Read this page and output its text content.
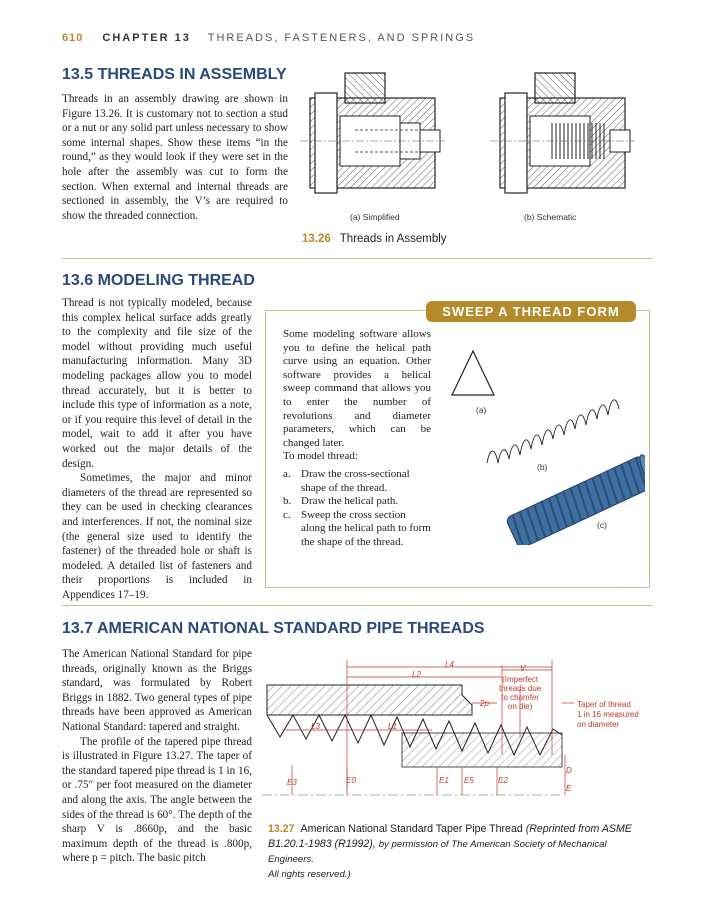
610 CHAPTER 13 THREADS, FASTENERS, AND SPRINGS
13.5 THREADS IN ASSEMBLY

Threads in an assembly drawing are shown in Figure 13.26. It is customary not to section a stud or a nut or any solid part unless necessary to show some internal shapes. Show these items “in the round,” as they would look if they were set in the hole after the assembly was cut to form the section. When external and internal threads are sectioned in assembly, the V’s are required to show the threaded connection.	(a) Simplified	(b) Schematic
13.26 Threads in Assembly
13.6 MODELING THREAD

Thread is not typically modeled, because this complex helical surface adds greatly to the complexity and file size of the model without providing much useful manufacturing information. Many 3D modeling packages allow you to model thread accurately, but it is better to include this type of information as a note, or if you require this level of detail in the model, wait to add it after you have worked out the major details of the design.

Sometimes, the major and minor diameters of the thread are represented so they can be used in checking clearances and interferences. If not, the nominal size (the general size used to identify the fastener) of the threaded hole or shaft is modeled. A detailed list of fasteners and their proportions is included in Appendices 17–19.

SWEEP A THREAD FORM
Some modeling software allows you to define the helical path curve using an equation. Other software provides a helical sweep command that allows you to enter the number of revolutions and diameter parameters, which can be changed later.
To model thread:
a. Draw the cross-sectional shape of the thread.
b. Draw the helical path.
c. Sweep the cross section along the helical path to form the shape of the thread.
(a)
(b)
(c)
13.7 AMERICAN NATIONAL STANDARD PIPE THREADS

The American National Standard for pipe threads, originally known as the Briggs standard, was formulated by Robert Briggs in 1882. Two general types of pipe threads have been approved as American National Standard: tapered and straight.

The profile of the tapered pipe thread is illustrated in Figure 13.27. The taper of the standard tapered pipe thread is 1 in 16, or .75″ per foot measured on the diameter and along the axis. The angle between the sides of the thread is 60°. The depth of the sharp V is .8660p, and the basic maximum depth of the thread is .800p, where p = pitch. The basic pitch

L4
L2
V
2p
L3	L1
(Imperfect
threads due
to chamfer
on die)	Taper of thread
1 in 16 measured
on diameter
E3	E0	E1 E5	E2
D
E
13.27 American National Standard Taper Pipe Thread (Reprinted from ASME
B1.20.1-1983 (R1992), by permission of The American Society of Mechanical Engineers.
All rights reserved.)
